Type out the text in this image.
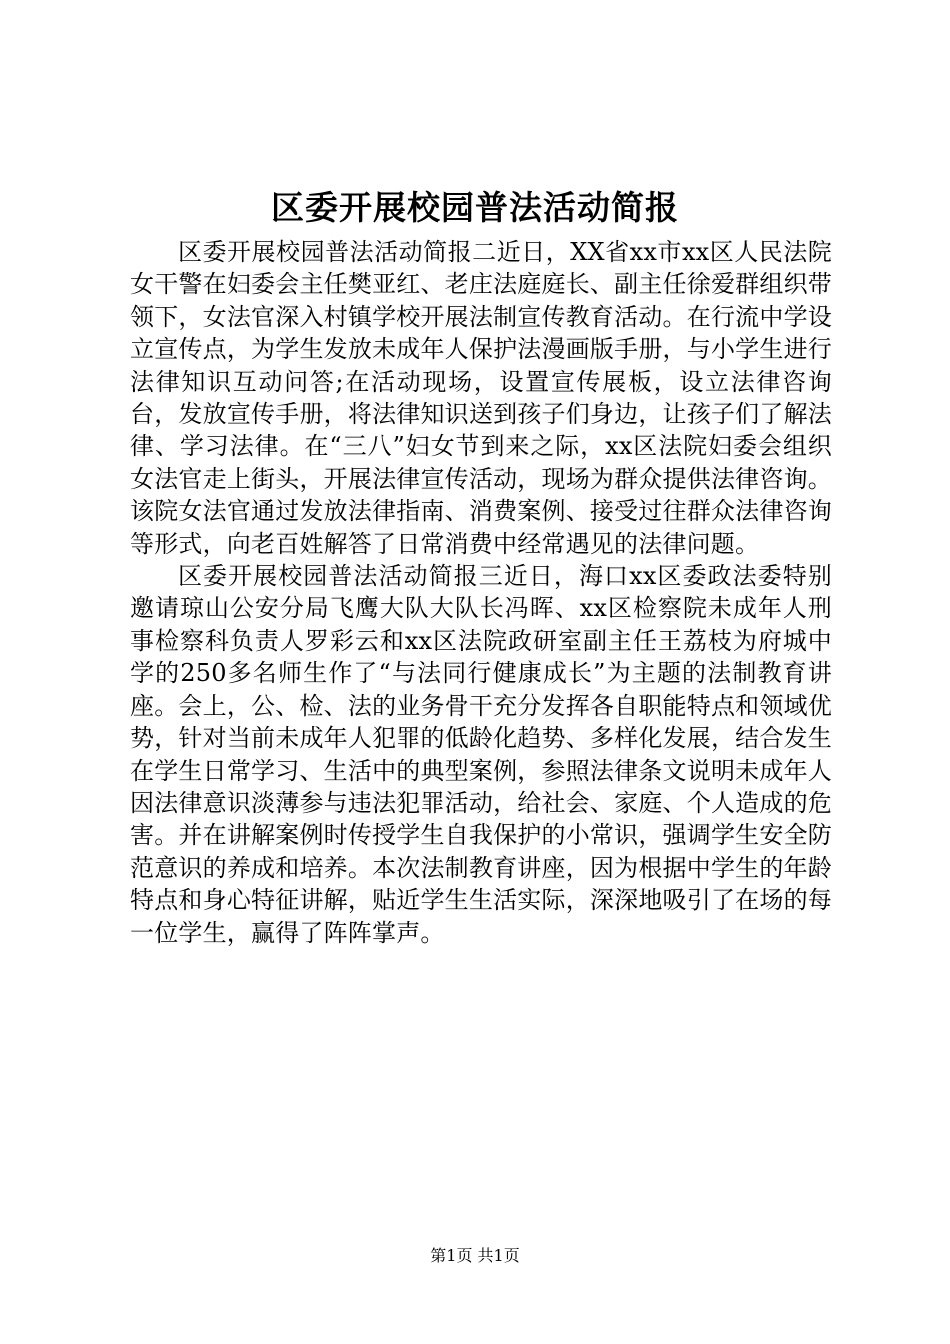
区委开展校园普法活动简报

区委开展校园普法活动简报二近日，XX省xx市xx区人民法院女干警在妇委会主任樊亚红、老庄法庭庭长、副主任徐爱群组织带领下，女法官深入村镇学校开展法制宣传教育活动。在行流中学设立宣传点，为学生发放未成年人保护法漫画版手册，与小学生进行法律知识互动问答;在活动现场，设置宣传展板，设立法律咨询台，发放宣传手册，将法律知识送到孩子们身边，让孩子们了解法律、学习法律。在“三八”妇女节到来之际，xx区法院妇委会组织女法官走上街头，开展法律宣传活动，现场为群众提供法律咨询。该院女法官通过发放法律指南、消费案例、接受过往群众法律咨询等形式，向老百姓解答了日常消费中经常遇见的法律问题。

区委开展校园普法活动简报三近日，海口xx区委政法委特别邀请琼山公安分局飞鹰大队大队长冯晖、xx区检察院未成年人刑事检察科负责人罗彩云和xx区法院政研室副主任王荔枝为府城中学的250多名师生作了“与法同行健康成长”为主题的法制教育讲座。会上，公、检、法的业务骨干充分发挥各自职能特点和领域优势，针对当前未成年人犯罪的低龄化趋势、多样化发展，结合发生在学生日常学习、生活中的典型案例，参照法律条文说明未成年人因法律意识淡薄参与违法犯罪活动，给社会、家庭、个人造成的危害。并在讲解案例时传授学生自我保护的小常识，强调学生安全防范意识的养成和培养。本次法制教育讲座，因为根据中学生的年龄特点和身心特征讲解，贴近学生生活实际，深深地吸引了在场的每一位学生，赢得了阵阵掌声。

第1页 共1页
